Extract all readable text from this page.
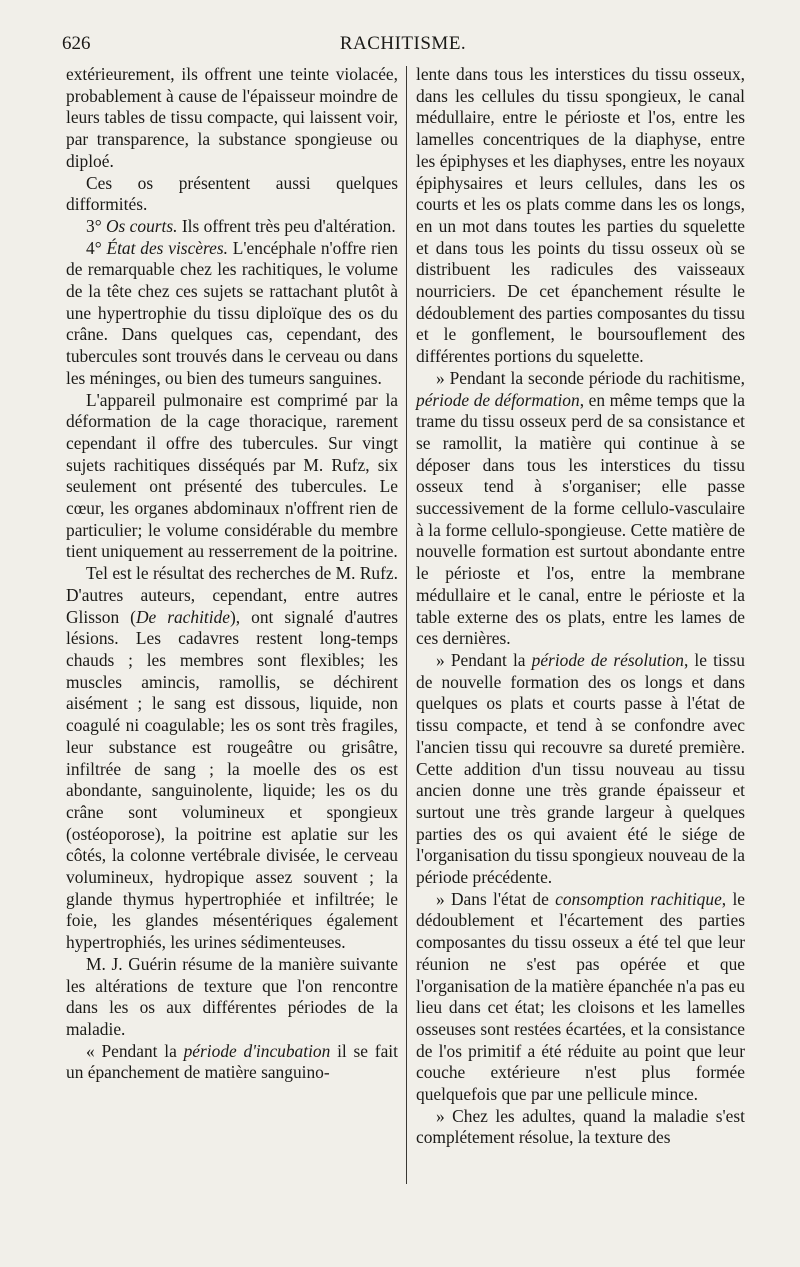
626	RACHITISME.

extérieurement, ils offrent une teinte violacée, probablement à cause de l'épaisseur moindre de leurs tables de tissu compacte, qui laissent voir, par transparence, la substance spongieuse ou diploé.

Ces os présentent aussi quelques difformités.

3° Os courts. Ils offrent très peu d'altération.

4° État des viscères. L'encéphale n'offre rien de remarquable chez les rachitiques, le volume de la tête chez ces sujets se rattachant plutôt à une hypertrophie du tissu diploïque des os du crâne. Dans quelques cas, cependant, des tubercules sont trouvés dans le cerveau ou dans les méninges, ou bien des tumeurs sanguines.

L'appareil pulmonaire est comprimé par la déformation de la cage thoracique, rarement cependant il offre des tubercules. Sur vingt sujets rachitiques disséqués par M. Rufz, six seulement ont présenté des tubercules. Le cœur, les organes abdominaux n'offrent rien de particulier; le volume considérable du membre tient uniquement au resserrement de la poitrine.

Tel est le résultat des recherches de M. Rufz. D'autres auteurs, cependant, entre autres Glisson (De rachitide), ont signalé d'autres lésions. Les cadavres restent long-temps chauds ; les membres sont flexibles; les muscles amincis, ramollis, se déchirent aisément ; le sang est dissous, liquide, non coagulé ni coagulable; les os sont très fragiles, leur substance est rougeâtre ou grisâtre, infiltrée de sang ; la moelle des os est abondante, sanguinolente, liquide; les os du crâne sont volumineux et spongieux (ostéoporose), la poitrine est aplatie sur les côtés, la colonne vertébrale divisée, le cerveau volumineux, hydropique assez souvent ; la glande thymus hypertrophiée et infiltrée; le foie, les glandes mésentériques également hypertrophiés, les urines sédimenteuses.

M. J. Guérin résume de la manière suivante les altérations de texture que l'on rencontre dans les os aux différentes périodes de la maladie.

« Pendant la période d'incubation il se fait un épanchement de matière sanguino-

lente dans tous les interstices du tissu osseux, dans les cellules du tissu spongieux, le canal médullaire, entre le périoste et l'os, entre les lamelles concentriques de la diaphyse, entre les épiphyses et les diaphyses, entre les noyaux épiphysaires et leurs cellules, dans les os courts et les os plats comme dans les os longs, en un mot dans toutes les parties du squelette et dans tous les points du tissu osseux où se distribuent les radicules des vaisseaux nourriciers. De cet épanchement résulte le dédoublement des parties composantes du tissu et le gonflement, le boursouflement des différentes portions du squelette.

» Pendant la seconde période du rachitisme, période de déformation, en même temps que la trame du tissu osseux perd de sa consistance et se ramollit, la matière qui continue à se déposer dans tous les interstices du tissu osseux tend à s'organiser; elle passe successivement de la forme cellulo-vasculaire à la forme cellulo-spongieuse. Cette matière de nouvelle formation est surtout abondante entre le périoste et l'os, entre la membrane médullaire et le canal, entre le périoste et la table externe des os plats, entre les lames de ces dernières.

» Pendant la période de résolution, le tissu de nouvelle formation des os longs et dans quelques os plats et courts passe à l'état de tissu compacte, et tend à se confondre avec l'ancien tissu qui recouvre sa dureté première. Cette addition d'un tissu nouveau au tissu ancien donne une très grande épaisseur et surtout une très grande largeur à quelques parties des os qui avaient été le siége de l'organisation du tissu spongieux nouveau de la période précédente.

» Dans l'état de consomption rachitique, le dédoublement et l'écartement des parties composantes du tissu osseux a été tel que leur réunion ne s'est pas opérée et que l'organisation de la matière épanchée n'a pas eu lieu dans cet état; les cloisons et les lamelles osseuses sont restées écartées, et la consistance de l'os primitif a été réduite au point que leur couche extérieure n'est plus formée quelquefois que par une pellicule mince.

» Chez les adultes, quand la maladie s'est complétement résolue, la texture des
